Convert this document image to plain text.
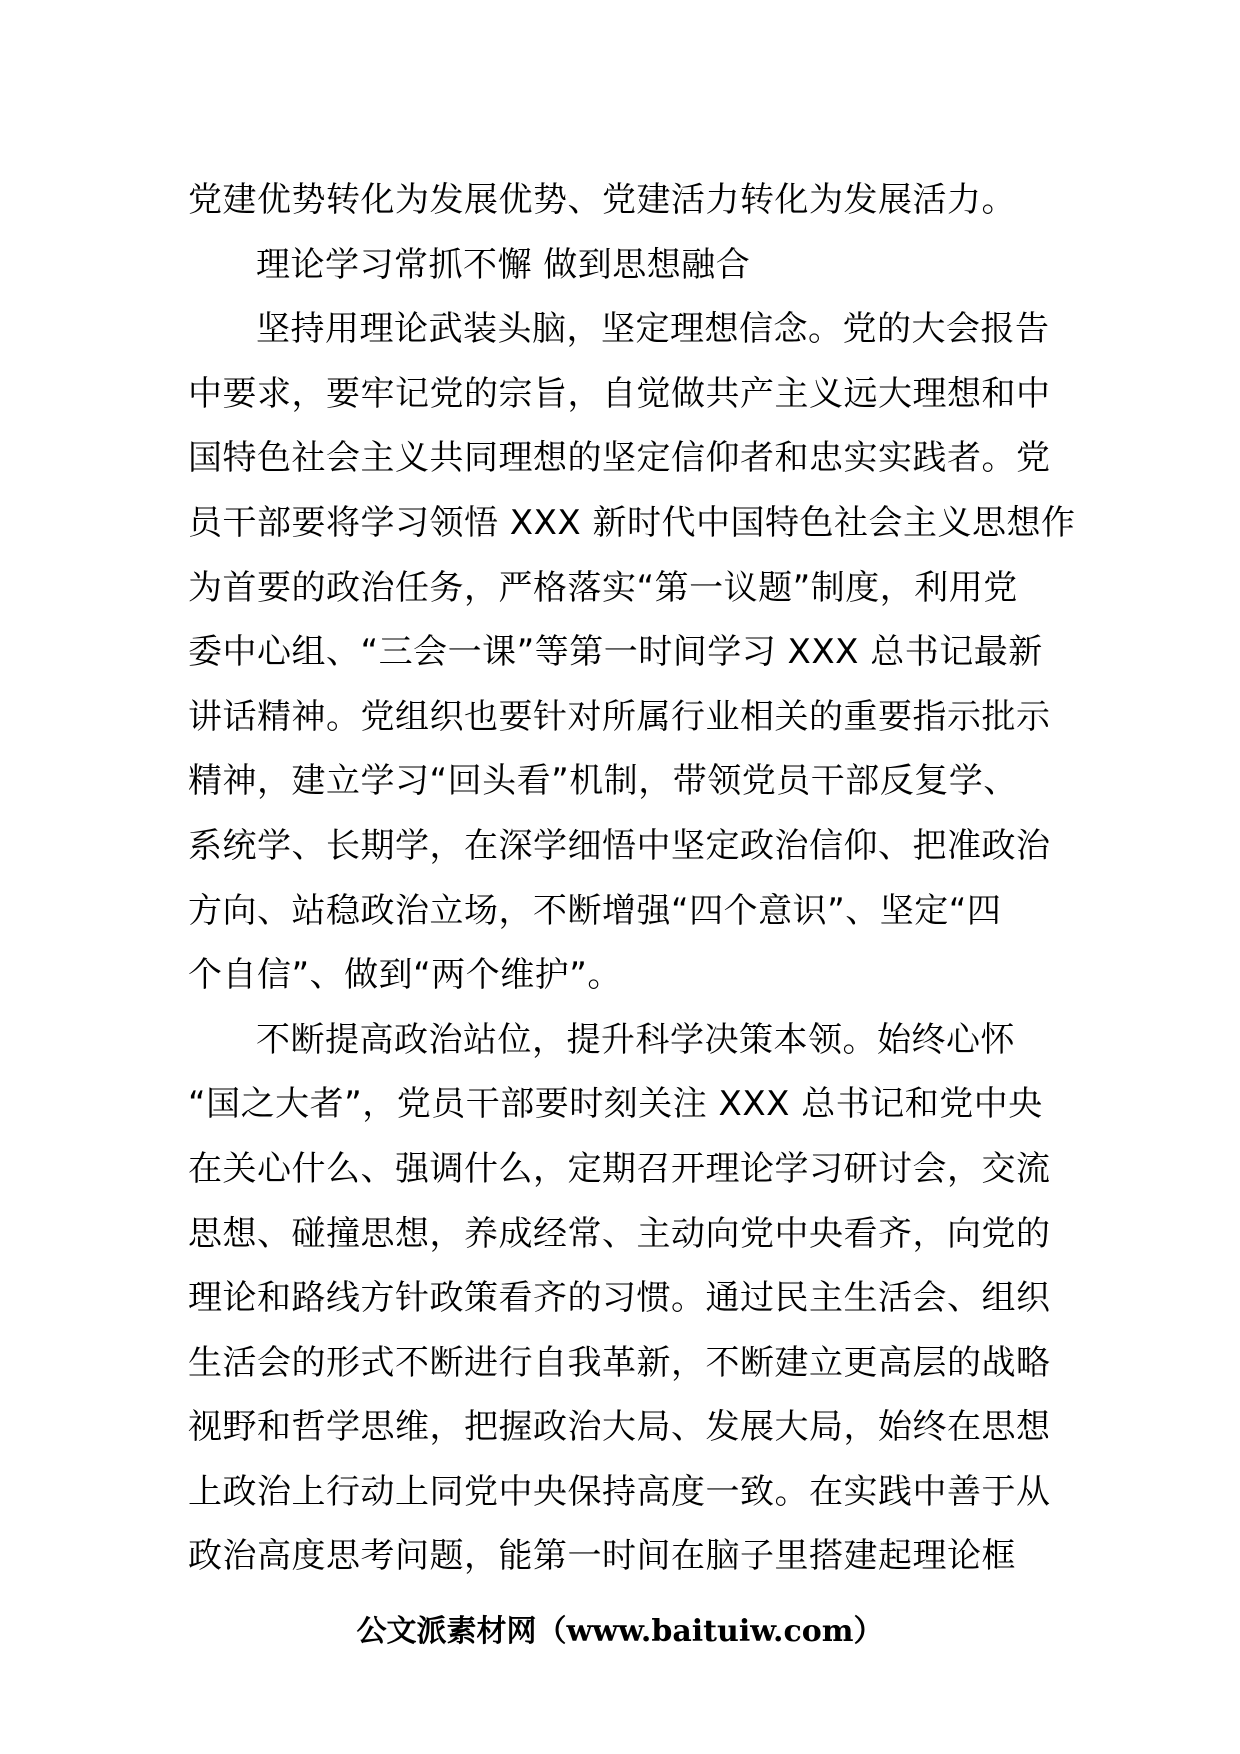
党建优势转化为发展优势、党建活力转化为发展活力。
理论学习常抓不懈 做到思想融合
坚持用理论武装头脑，坚定理想信念。党的大会报告
中要求，要牢记党的宗旨，自觉做共产主义远大理想和中
国特色社会主义共同理想的坚定信仰者和忠实实践者。党
员干部要将学习领悟 XXX 新时代中国特色社会主义思想作
为首要的政治任务，严格落实“第一议题”制度，利用党
委中心组、“三会一课”等第一时间学习 XXX 总书记最新
讲话精神。党组织也要针对所属行业相关的重要指示批示
精神，建立学习“回头看”机制，带领党员干部反复学、
系统学、长期学，在深学细悟中坚定政治信仰、把准政治
方向、站稳政治立场，不断增强“四个意识”、坚定“四
个自信”、做到“两个维护”。
不断提高政治站位，提升科学决策本领。始终心怀
“国之大者”，党员干部要时刻关注 XXX 总书记和党中央
在关心什么、强调什么，定期召开理论学习研讨会，交流
思想、碰撞思想，养成经常、主动向党中央看齐，向党的
理论和路线方针政策看齐的习惯。通过民主生活会、组织
生活会的形式不断进行自我革新，不断建立更高层的战略
视野和哲学思维，把握政治大局、发展大局，始终在思想
上政治上行动上同党中央保持高度一致。在实践中善于从
政治高度思考问题，能第一时间在脑子里搭建起理论框
公文派素材网（www.baituiw.com）
